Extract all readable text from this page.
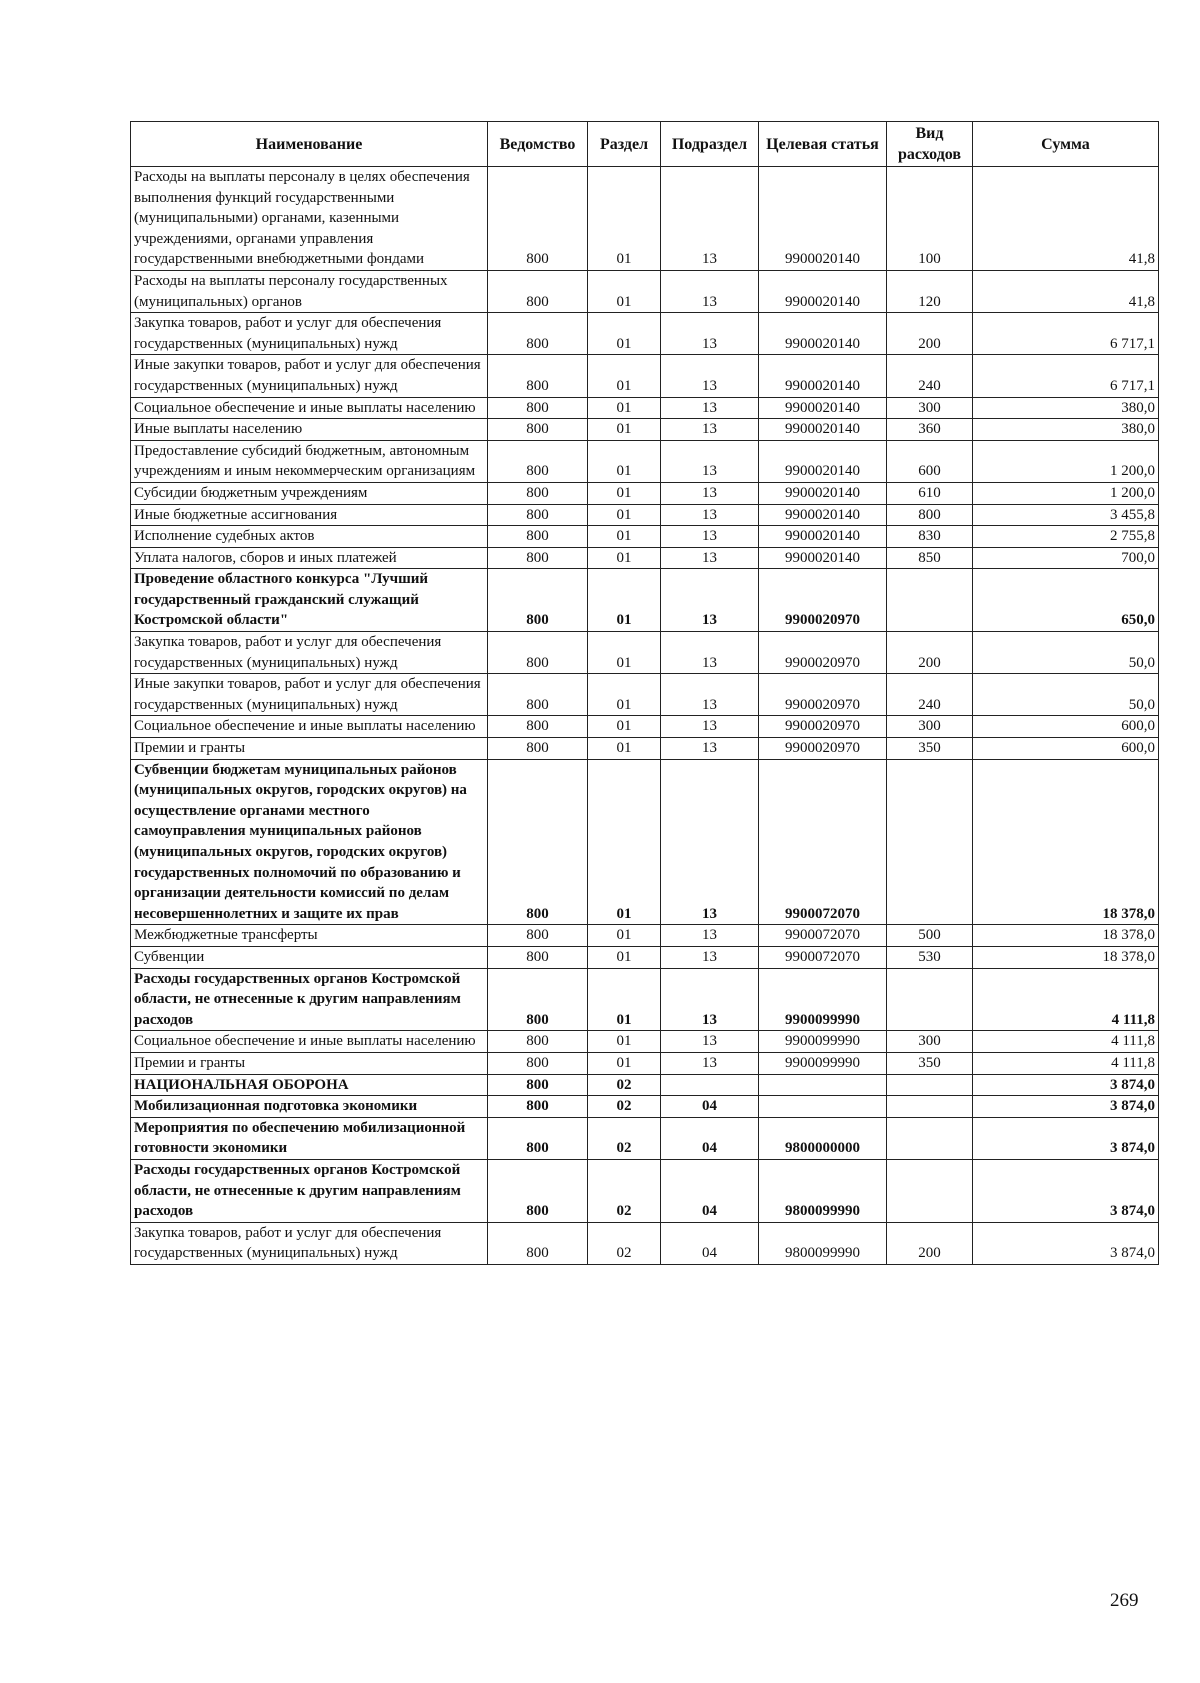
Наименование	Ведомство	Раздел	Подраздел	Целевая статья	Вид расходов	Сумма
Расходы на выплаты персоналу в целях обеспечения выполнения функций государственными (муниципальными) органами, казенными учреждениями, органами управления государственными внебюджетными фондами	800	01	13	9900020140	100	41,8
Расходы на выплаты персоналу государственных (муниципальных) органов	800	01	13	9900020140	120	41,8
Закупка товаров, работ и услуг для обеспечения государственных (муниципальных) нужд	800	01	13	9900020140	200	6 717,1
Иные закупки товаров, работ и услуг для обеспечения государственных (муниципальных) нужд	800	01	13	9900020140	240	6 717,1
Социальное обеспечение и иные выплаты населению	800	01	13	9900020140	300	380,0
Иные выплаты населению	800	01	13	9900020140	360	380,0
Предоставление субсидий бюджетным, автономным учреждениям и иным некоммерческим организациям	800	01	13	9900020140	600	1 200,0
Субсидии бюджетным учреждениям	800	01	13	9900020140	610	1 200,0
Иные бюджетные ассигнования	800	01	13	9900020140	800	3 455,8
Исполнение судебных актов	800	01	13	9900020140	830	2 755,8
Уплата налогов, сборов и иных платежей	800	01	13	9900020140	850	700,0
Проведение областного конкурса "Лучший государственный гражданский служащий Костромской области"	800	01	13	9900020970		650,0
Закупка товаров, работ и услуг для обеспечения государственных (муниципальных) нужд	800	01	13	9900020970	200	50,0
Иные закупки товаров, работ и услуг для обеспечения государственных (муниципальных) нужд	800	01	13	9900020970	240	50,0
Социальное обеспечение и иные выплаты населению	800	01	13	9900020970	300	600,0
Премии и гранты	800	01	13	9900020970	350	600,0
Субвенции бюджетам муниципальных районов (муниципальных округов, городских округов) на осуществление органами местного самоуправления муниципальных районов (муниципальных округов, городских округов) государственных полномочий по образованию и организации деятельности комиссий по делам несовершеннолетних и защите их прав	800	01	13	9900072070		18 378,0
Межбюджетные трансферты	800	01	13	9900072070	500	18 378,0
Субвенции	800	01	13	9900072070	530	18 378,0
Расходы государственных органов Костромской области, не отнесенные к другим направлениям расходов	800	01	13	9900099990		4 111,8
Социальное обеспечение и иные выплаты населению	800	01	13	9900099990	300	4 111,8
Премии и гранты	800	01	13	9900099990	350	4 111,8
НАЦИОНАЛЬНАЯ ОБОРОНА	800	02				3 874,0
Мобилизационная подготовка экономики	800	02	04			3 874,0
Мероприятия по обеспечению мобилизационной готовности экономики	800	02	04	9800000000		3 874,0
Расходы государственных органов Костромской области, не отнесенные к другим направлениям расходов	800	02	04	9800099990		3 874,0
Закупка товаров, работ и услуг для обеспечения государственных (муниципальных) нужд	800	02	04	9800099990	200	3 874,0
269
